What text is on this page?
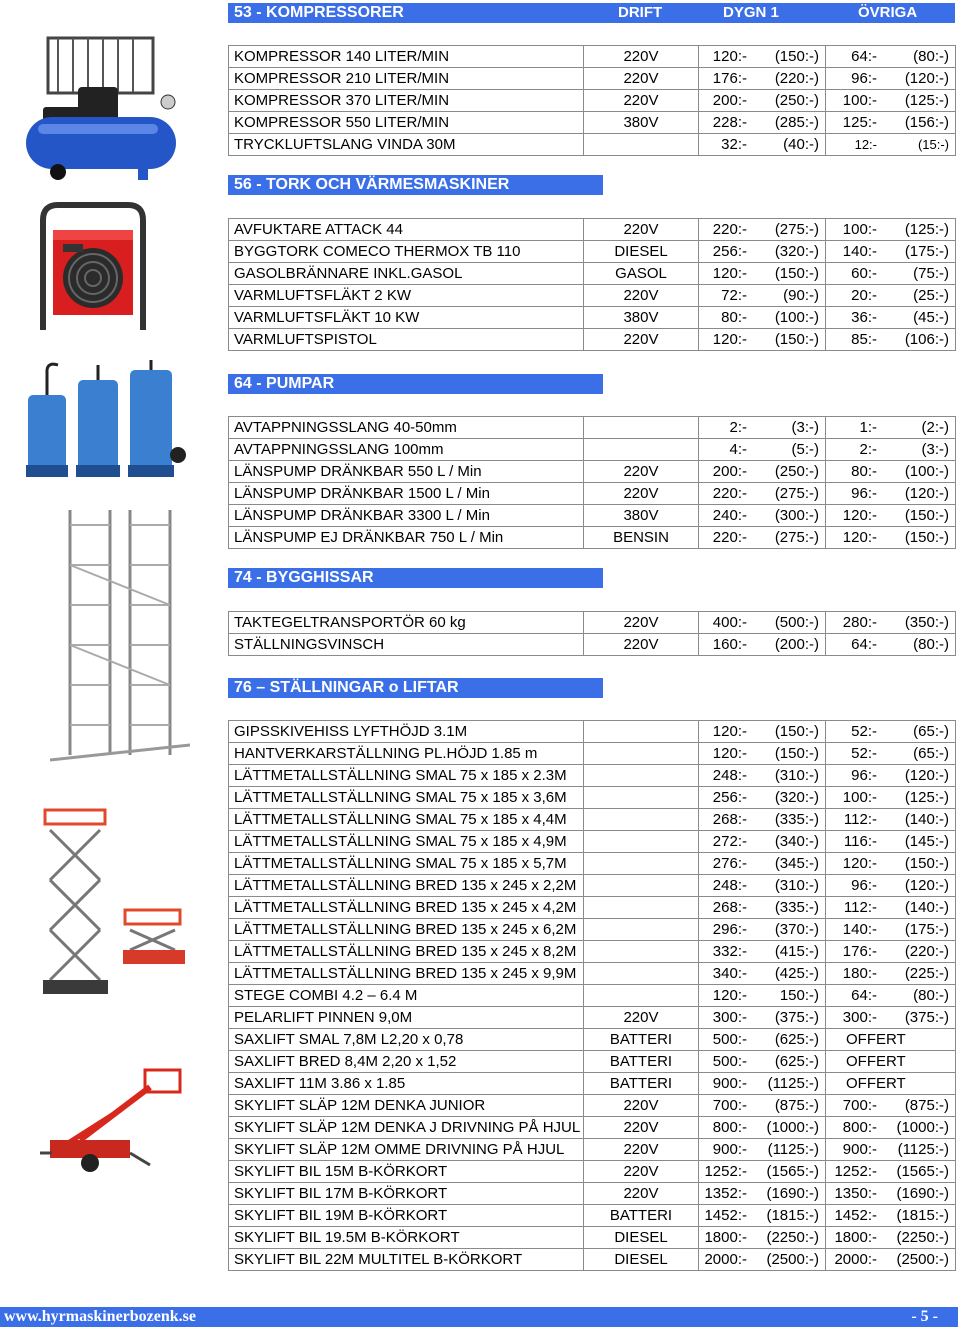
53 - KOMPRESSORER	DRIFT	DYGN 1	ÖVRIGA
KOMPRESSOR 140 LITER/MIN	220V	120:- (150:-)	64:- (80:-)

KOMPRESSOR 210 LITER/MIN	220V	176:- (220:-)	96:- (120:-)

KOMPRESSOR 370 LITER/MIN	220V	200:- (250:-)	100:- (125:-)

KOMPRESSOR 550 LITER/MIN	380V	228:- (285:-)	125:- (156:-)

TRYCKLUFTSLANG VINDA 30M		32:- (40:-)	12:- (15:-)
56 - TORK OCH VÄRMESMASKINER
AVFUKTARE ATTACK 44	220V	220:- (275:-)	100:- (125:-)

BYGGTORK COMECO THERMOX TB 110	DIESEL	256:- (320:-)	140:- (175:-)

GASOLBRÄNNARE INKL.GASOL	GASOL	120:- (150:-)	60:- (75:-)

VARMLUFTSFLÄKT 2 KW	220V	72:- (90:-)	20:- (25:-)

VARMLUFTSFLÄKT 10 KW	380V	80:- (100:-)	36:- (45:-)

VARMLUFTSPISTOL	220V	120:- (150:-)	85:- (106:-)
64 - PUMPAR
AVTAPPNINGSSLANG 40-50mm		2:- (3:-)	1:- (2:-)

AVTAPPNINGSSLANG 100mm		4:- (5:-)	2:- (3:-)

LÄNSPUMP DRÄNKBAR 550 L / Min	220V	200:- (250:-)	80:- (100:-)

LÄNSPUMP DRÄNKBAR 1500 L / Min	220V	220:- (275:-)	96:- (120:-)

LÄNSPUMP DRÄNKBAR 3300 L / Min	380V	240:- (300:-)	120:- (150:-)

LÄNSPUMP EJ DRÄNKBAR 750 L / Min	BENSIN	220:- (275:-)	120:- (150:-)
74 - BYGGHISSAR
TAKTEGELTRANSPORTÖR 60 kg	220V	400:- (500:-)	280:- (350:-)

STÄLLNINGSVINSCH	220V	160:- (200:-)	64:- (80:-)
76 – STÄLLNINGAR o LIFTAR
GIPSSKIVEHISS LYFTHÖJD 3.1M		120:- (150:-)	52:- (65:-)

HANTVERKARSTÄLLNING PL.HÖJD 1.85 m		120:- (150:-)	52:- (65:-)

LÄTTMETALLSTÄLLNING SMAL 75 x 185 x 2.3M		248:- (310:-)	96:- (120:-)

LÄTTMETALLSTÄLLNING SMAL 75 x 185 x 3,6M		256:- (320:-)	100:- (125:-)

LÄTTMETALLSTÄLLNING SMAL 75 x 185 x 4,4M		268:- (335:-)	112:- (140:-)

LÄTTMETALLSTÄLLNING SMAL 75 x 185 x 4,9M		272:- (340:-)	116:- (145:-)

LÄTTMETALLSTÄLLNING SMAL 75 x 185 x 5,7M		276:- (345:-)	120:- (150:-)

LÄTTMETALLSTÄLLNING BRED 135 x 245 x 2,2M		248:- (310:-)	96:- (120:-)

LÄTTMETALLSTÄLLNING BRED 135 x 245 x 4,2M		268:- (335:-)	112:- (140:-)

LÄTTMETALLSTÄLLNING BRED 135 x 245 x 6,2M		296:- (370:-)	140:- (175:-)

LÄTTMETALLSTÄLLNING BRED 135 x 245 x 8,2M		332:- (415:-)	176:- (220:-)

LÄTTMETALLSTÄLLNING BRED 135 x 245 x 9,9M		340:- (425:-)	180:- (225:-)

STEGE COMBI 4.2 – 6.4 M		120:- 150:-)	64:- (80:-)

PELARLIFT PINNEN 9,0M	220V	300:- (375:-)	300:- (375:-)

SAXLIFT SMAL 7,8M L2,20 x 0,78	BATTERI	500:- (625:-)	OFFERT

SAXLIFT BRED 8,4M 2,20 x 1,52	BATTERI	500:- (625:-)	OFFERT

SAXLIFT 11M 3.86 x 1.85	BATTERI	900:- (1125:-)	OFFERT

SKYLIFT SLÄP 12M DENKA JUNIOR	220V	700:- (875:-)	700:- (875:-)

SKYLIFT SLÄP 12M DENKA J DRIVNING PÅ HJUL	220V	800:- (1000:-)	800:- (1000:-)

SKYLIFT SLÄP 12M OMME DRIVNING PÅ HJUL	220V	900:- (1125:-)	900:- (1125:-)

SKYLIFT BIL 15M B-KÖRKORT	220V	1252:- (1565:-)	1252:- (1565:-)

SKYLIFT BIL 17M B-KÖRKORT	220V	1352:- (1690:-)	1350:- (1690:-)

SKYLIFT BIL 19M B-KÖRKORT	BATTERI	1452:- (1815:-)	1452:- (1815:-)

SKYLIFT BIL 19.5M B-KÖRKORT	DIESEL	1800:- (2250:-)	1800:- (2250:-)

SKYLIFT BIL 22M MULTITEL B-KÖRKORT	DIESEL	2000:- (2500:-)	2000:- (2500:-)
www.hyrmaskinerbozenk.se	- 5 -
